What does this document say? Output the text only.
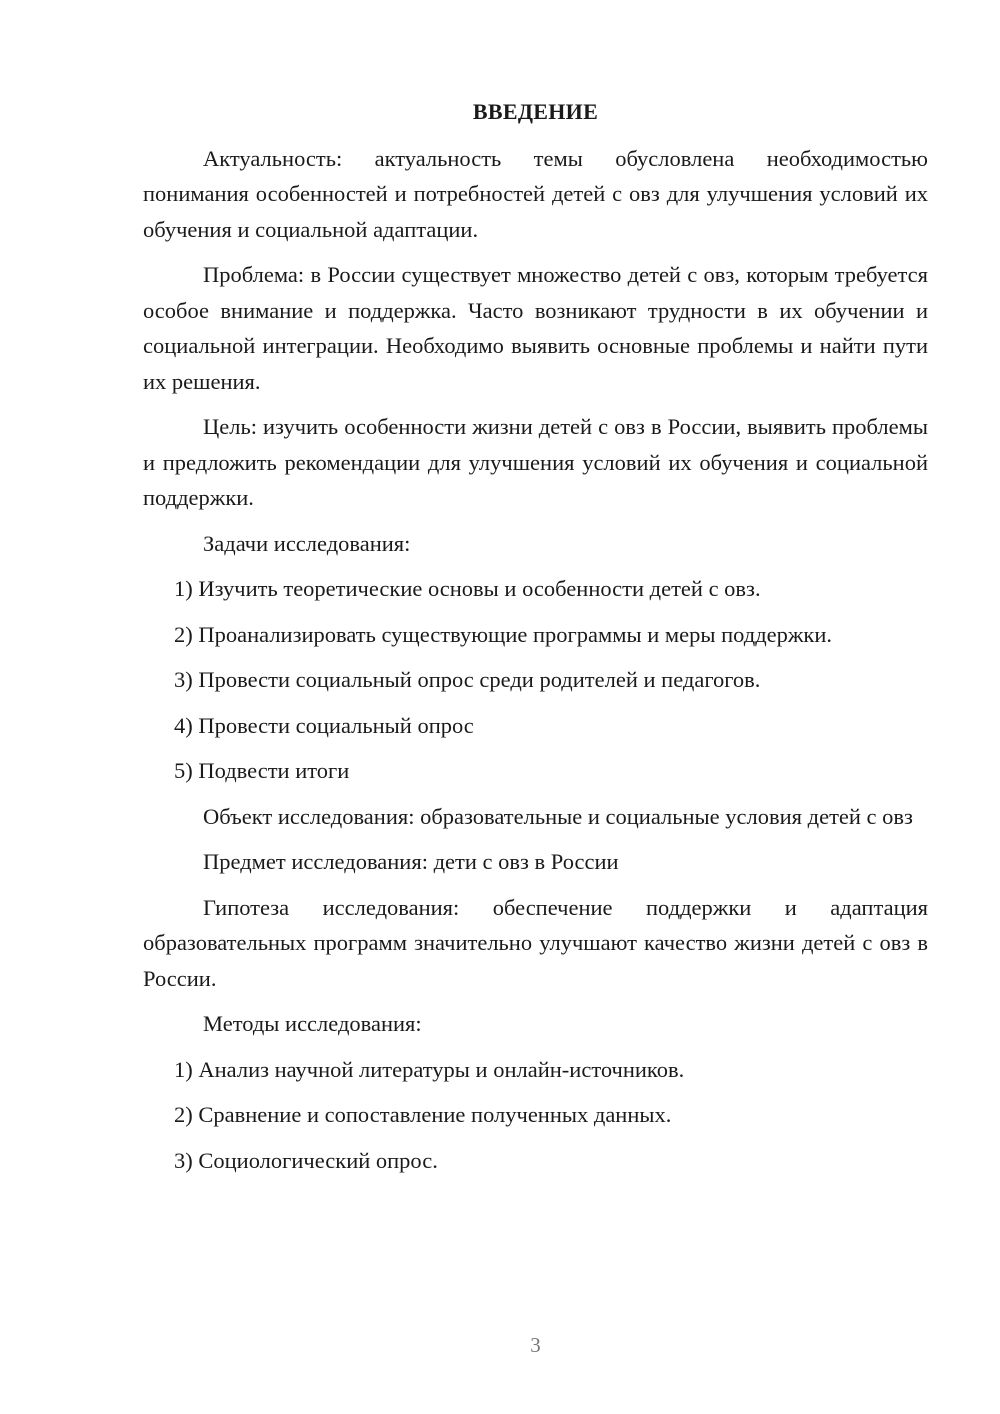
ВВЕДЕНИЕ

Актуальность: актуальность темы обусловлена необходимостью понимания особенностей и потребностей детей с овз для улучшения условий их обучения и социальной адаптации.

Проблема: в России существует множество детей с овз, которым требуется особое внимание и поддержка. Часто возникают трудности в их обучении и социальной интеграции. Необходимо выявить основные проблемы и найти пути их решения.

Цель: изучить особенности жизни детей с овз в России, выявить проблемы и предложить рекомендации для улучшения условий их обучения и социальной поддержки.

Задачи исследования:

1) Изучить теоретические основы и особенности детей с овз.
2) Проанализировать существующие программы и меры поддержки.
3) Провести социальный опрос среди родителей и педагогов.
4) Провести социальный опрос
5) Подвести итоги

Объект исследования: образовательные и социальные условия детей с овз

Предмет исследования: дети с овз в России

Гипотеза исследования: обеспечение поддержки и адаптация образовательных программ значительно улучшают качество жизни детей с овз в России.

Методы исследования:

1) Анализ научной литературы и онлайн-источников.
2) Сравнение и сопоставление полученных данных.
3) Социологический опрос.
3
